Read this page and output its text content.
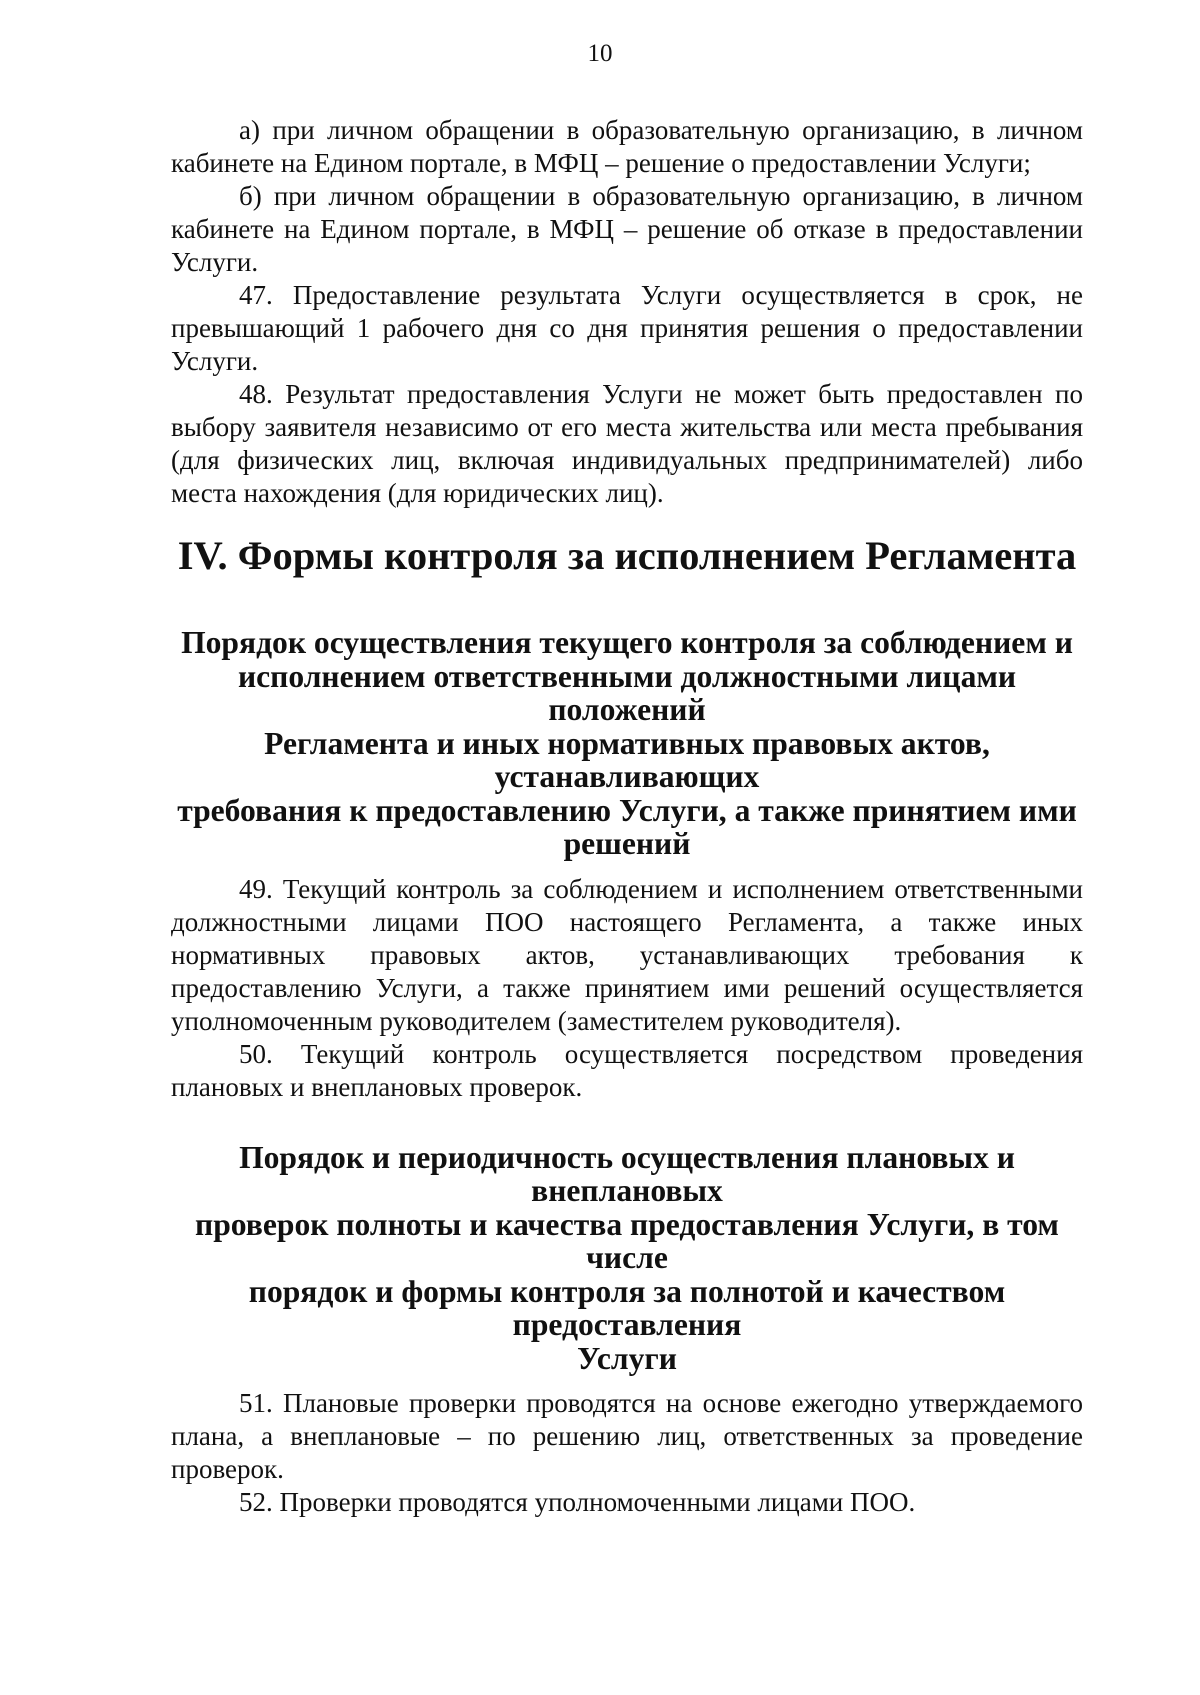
10

а) при личном обращении в образовательную организацию, в личном кабинете на Едином портале, в МФЦ – решение о предоставлении Услуги;

б) при личном обращении в образовательную организацию, в личном кабинете на Едином портале, в МФЦ – решение об отказе в предоставлении Услуги.

47. Предоставление результата Услуги осуществляется в срок, не превышающий 1 рабочего дня со дня принятия решения о предоставлении Услуги.

48. Результат предоставления Услуги не может быть предоставлен по выбору заявителя независимо от его места жительства или места пребывания (для физических лиц, включая индивидуальных предпринимателей) либо места нахождения (для юридических лиц).

IV. Формы контроля за исполнением Регламента
Порядок осуществления текущего контроля за соблюдением и
исполнением ответственными должностными лицами положений
Регламента и иных нормативных правовых актов, устанавливающих
требования к предоставлению Услуги, а также принятием ими
решений

49. Текущий контроль за соблюдением и исполнением ответственными должностными лицами ПОО настоящего Регламента, а также иных нормативных правовых актов, устанавливающих требования к предоставлению Услуги, а также принятием ими решений осуществляется уполномоченным руководителем (заместителем руководителя).

50. Текущий контроль осуществляется посредством проведения плановых и внеплановых проверок.

Порядок и периодичность осуществления плановых и внеплановых
проверок полноты и качества предоставления Услуги, в том числе
порядок и формы контроля за полнотой и качеством предоставления
Услуги

51. Плановые проверки проводятся на основе ежегодно утверждаемого плана, а внеплановые – по решению лиц, ответственных за проведение проверок.

52. Проверки проводятся уполномоченными лицами ПОО.
